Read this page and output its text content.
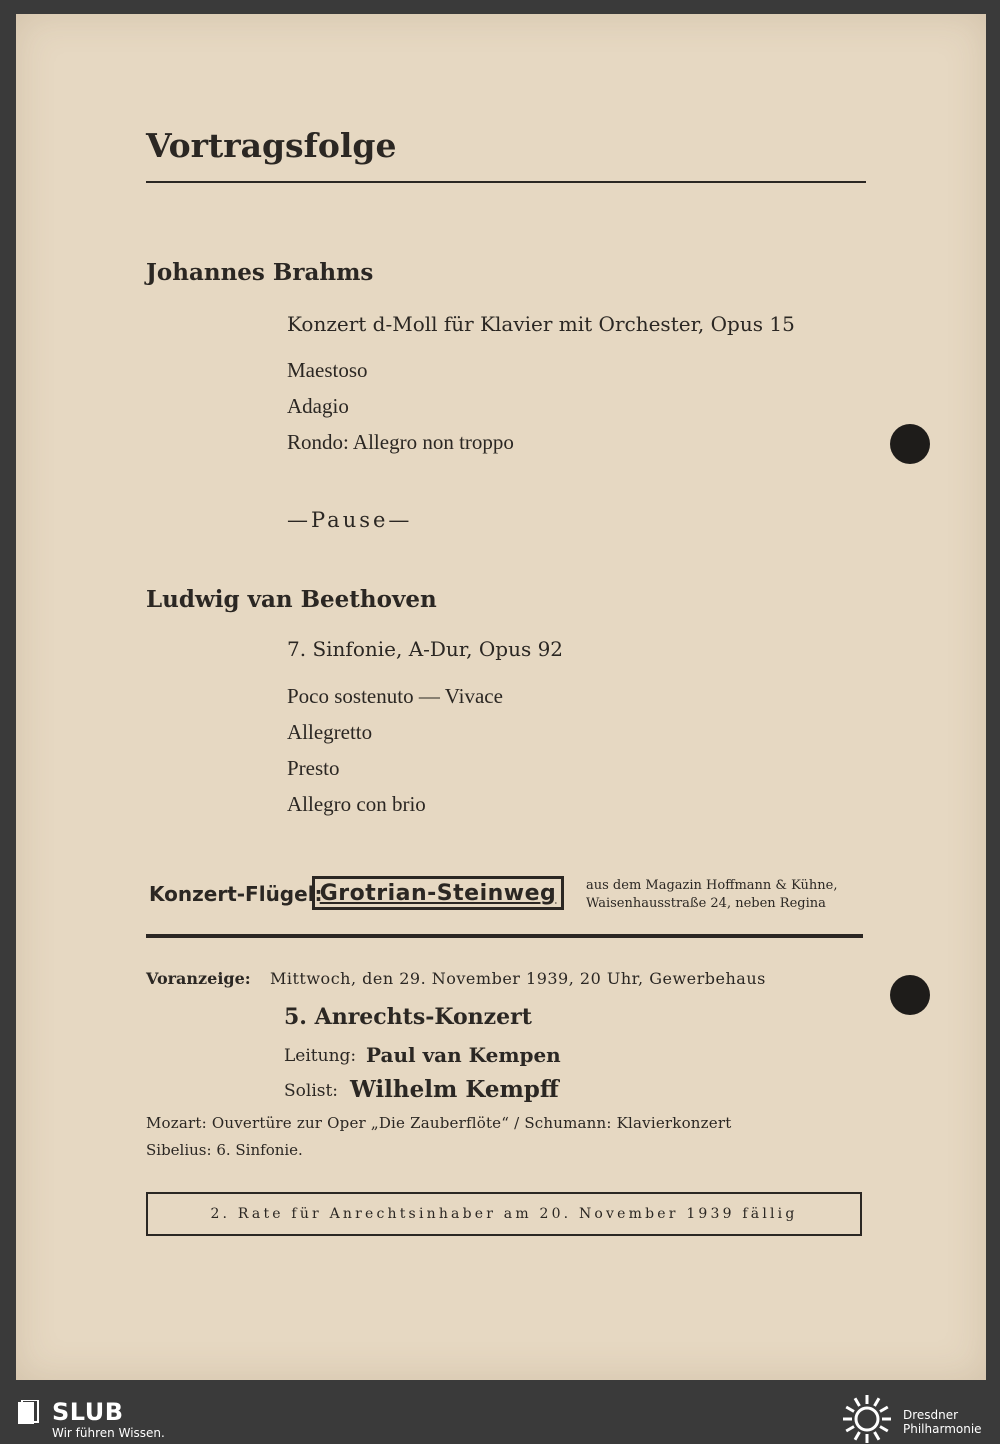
Vortragsfolge
Johannes Brahms
Konzert d-Moll für Klavier mit Orchester, Opus 15
Maestoso
Adagio
Rondo: Allegro non troppo
—Pause—
Ludwig van Beethoven
7. Sinfonie, A-Dur, Opus 92
Poco sostenuto — Vivace
Allegretto
Presto
Allegro con brio
Konzert-Flügel:
Grotrian-Steinweg	aus dem Magazin Hoffmann & Kühne,
Waisenhausstraße 24, neben Regina
Voranzeige: Mittwoch, den 29. November 1939, 20 Uhr, Gewerbehaus
5. Anrechts-Konzert
Leitung: Paul van Kempen
Solist: Wilhelm Kempff
Mozart: Ouvertüre zur Oper „Die Zauberflöte“ / Schumann: Klavierkonzert
Sibelius: 6. Sinfonie.
2. Rate für Anrechtsinhaber am 20. November 1939 fällig
SLUB
Wir führen Wissen.
Dresdner
Philharmonie
